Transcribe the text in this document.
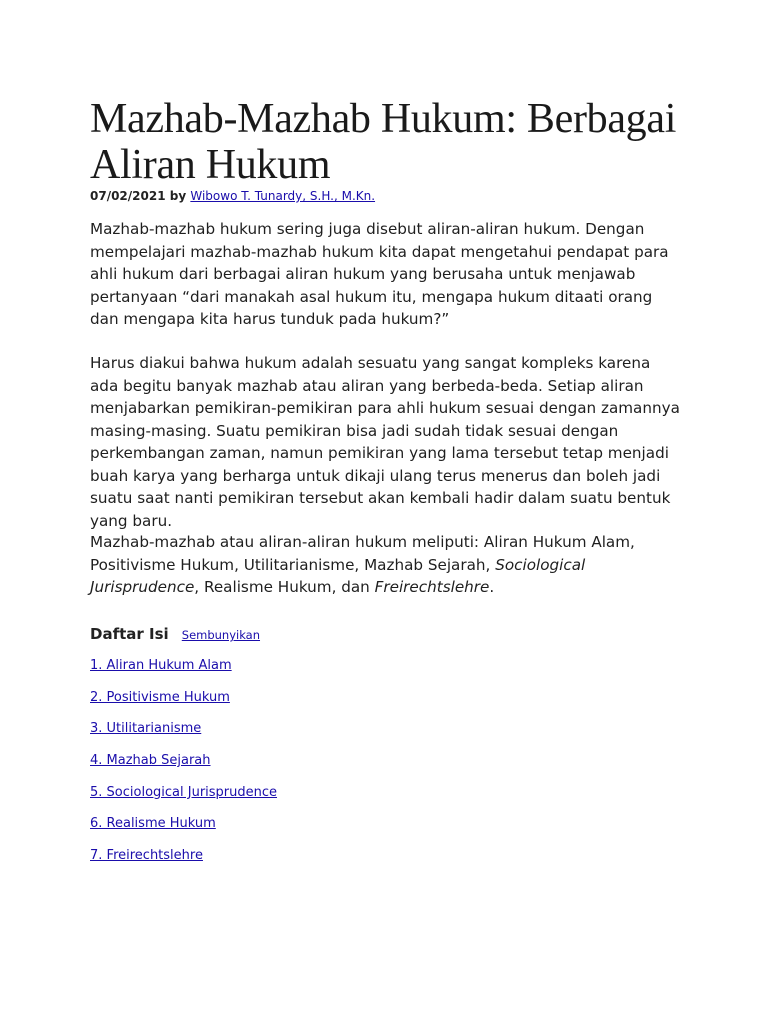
Mazhab-Mazhab Hukum: Berbagai Aliran Hukum
07/02/2021 by Wibowo T. Tunardy, S.H., M.Kn.

Mazhab-mazhab hukum sering juga disebut aliran-aliran hukum. Dengan mempelajari mazhab-mazhab hukum kita dapat mengetahui pendapat para ahli hukum dari berbagai aliran hukum yang berusaha untuk menjawab pertanyaan “dari manakah asal hukum itu, mengapa hukum ditaati orang dan mengapa kita harus tunduk pada hukum?”

Harus diakui bahwa hukum adalah sesuatu yang sangat kompleks karena ada begitu banyak mazhab atau aliran yang berbeda-beda. Setiap aliran menjabarkan pemikiran-pemikiran para ahli hukum sesuai dengan zamannya masing-masing. Suatu pemikiran bisa jadi sudah tidak sesuai dengan perkembangan zaman, namun pemikiran yang lama tersebut tetap menjadi buah karya yang berharga untuk dikaji ulang terus menerus dan boleh jadi suatu saat nanti pemikiran tersebut akan kembali hadir dalam suatu bentuk yang baru.

Mazhab-mazhab atau aliran-aliran hukum meliputi: Aliran Hukum Alam, Positivisme Hukum, Utilitarianisme, Mazhab Sejarah, Sociological Jurisprudence, Realisme Hukum, dan Freirechtslehre.

Daftar Isi Sembunyikan
1. Aliran Hukum Alam
2. Positivisme Hukum
3. Utilitarianisme
4. Mazhab Sejarah
5. Sociological Jurisprudence
6. Realisme Hukum
7. Freirechtslehre
